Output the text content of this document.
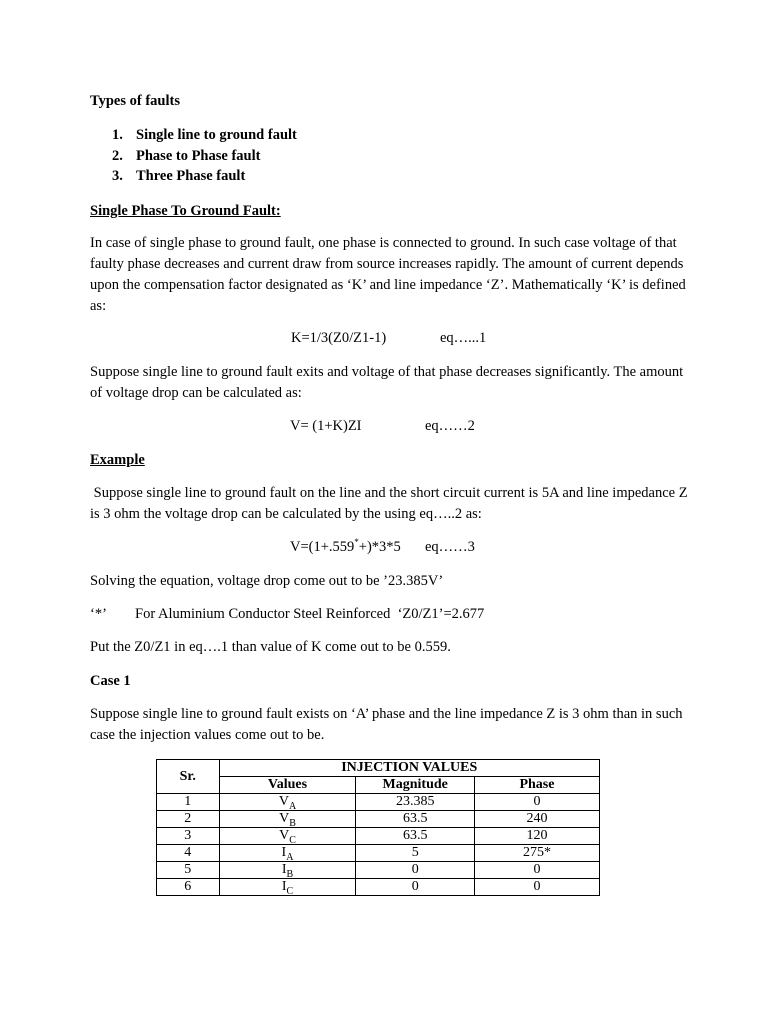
Types of faults
1. Single line to ground fault
2. Phase to Phase fault
3. Three Phase fault
Single Phase To Ground Fault:
In case of single phase to ground fault, one phase is connected to ground. In such case voltage of that faulty phase decreases and current draw from source increases rapidly. The amount of current depends upon the compensation factor designated as ‘K’ and line impedance ‘Z’. Mathematically ‘K’ is defined as:
K=1/3(Z0/Z1-1)	eq…...1
Suppose single line to ground fault exits and voltage of that phase decreases significantly. The amount of voltage drop can be calculated as:
V= (1+K)ZI	eq……2
Example
Suppose single line to ground fault on the line and the short circuit current is 5A and line impedance Z is 3 ohm the voltage drop can be calculated by the using eq…..2 as:
V=(1+.559*+)*3*5 eq……3
Solving the equation, voltage drop come out to be ’23.385V’
‘*’ For Aluminium Conductor Steel Reinforced  ‘Z0/Z1’=2.677
Put the Z0/Z1 in eq….1 than value of K come out to be 0.559.
Case 1
Suppose single line to ground fault exists on ‘A’ phase and the line impedance Z is 3 ohm than in such case the injection values come out to be.
Sr.	INJECTION VALUES		
	Values	Magnitude	Phase
1	$V_A$	23.385	0
2	$V_B$	63.5	240
3	$V_C$	63.5	120
4	$I_A$	5	275*
5	$I_B$	0	0
6	$I_C$	0	0
